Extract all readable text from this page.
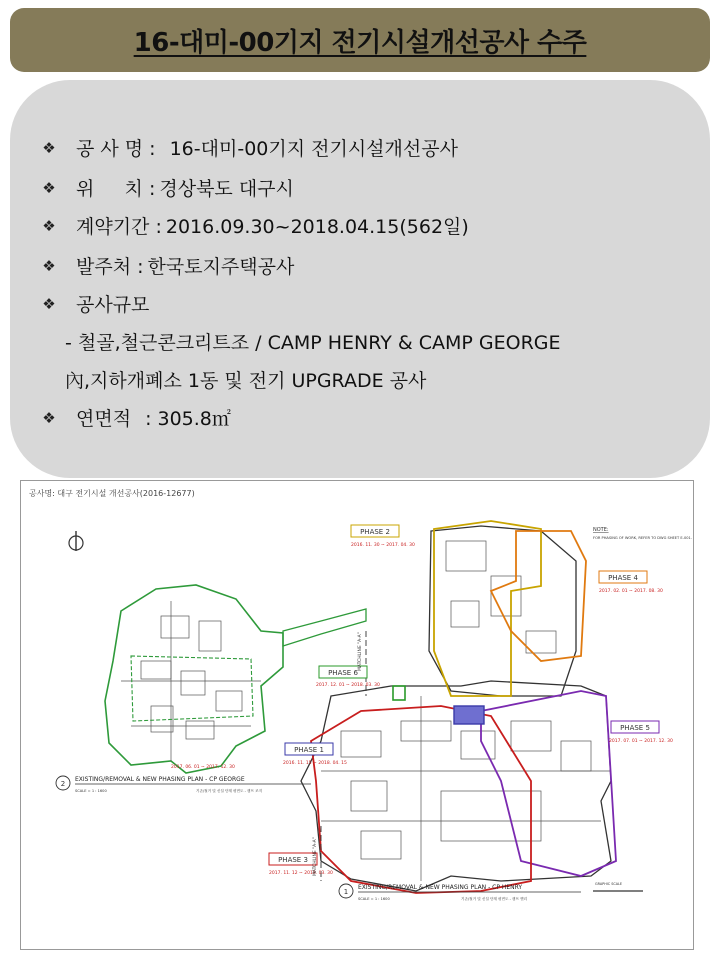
16-대미-00기지 전기시설개선공사 수주
❖ 공 사 명 : 16-대미-00기지 전기시설개선공사
❖ 위     치 : 경상북도 대구시
❖ 계약기간 : 2016.09.30~2018.04.15(562일)
❖ 발주처 : 한국토지주택공사
❖ 공사규모
- 철골,철근콘크리트조 / CAMP HENRY & CAMP GEORGE
內,지하개폐소 1동 및 전기 UPGRADE 공사
❖ 연면적 : 305.8㎡
공사명: 대구 전기시설 개선공사(2016-12677)
PHASE 2
2016. 11. 30 ~ 2017. 04. 30
PHASE 4
2017. 02. 01 ~ 2017. 08. 30
PHASE 6
2017. 12. 01 ~ 2018. 03. 30
PHASE 1
2016. 11. 15 ~ 2018. 04. 15
PHASE 5
2017. 07. 01 ~ 2017. 12. 30
PHASE 3
2017. 11. 12 ~ 2018. 03. 30
NOTE:
FOR PHASING OF WORK, REFER TO DWG SHEET E-001.
2017. 06. 01 ~ 2017. 12. 30
2
EXISTING/REMOVAL & NEW PHASING PLAN - CP GEORGE
SCALE = 1 : 1600	기존/철거 및 신설 단계 평면도 - 캠프 조지
1
EXISTING/REMOVAL & NEW PHASING PLAN - CP HENRY
SCALE = 1 : 1600	기존/철거 및 신설 단계 평면도 - 캠프 헨리
GRAPHIC SCALE
MATCHLINE "A-A"
MATCHLINE "A-A"
